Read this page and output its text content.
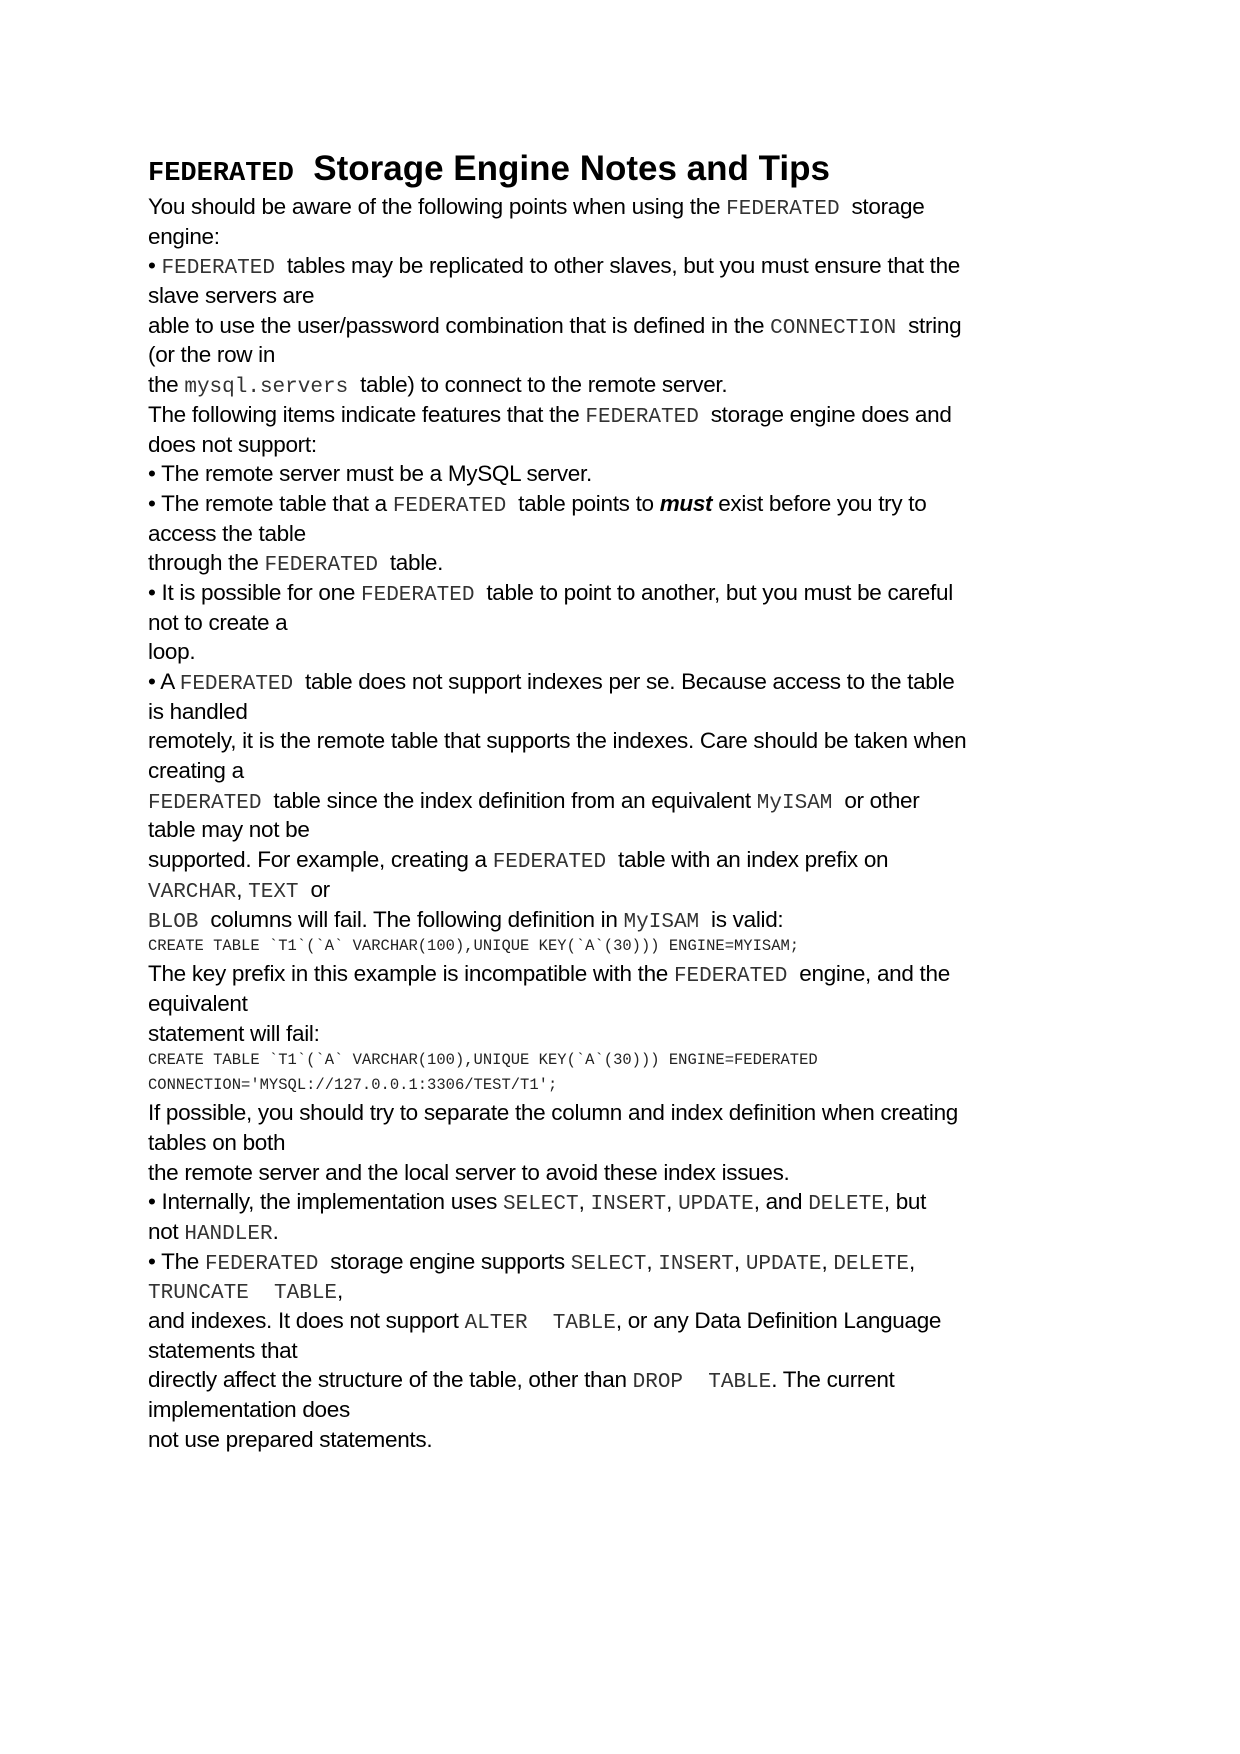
FEDERATED  Storage Engine Notes and Tips
You should be aware of the following points when using the FEDERATED  storage
engine:
• FEDERATED  tables may be replicated to other slaves, but you must ensure that the
slave servers are
able to use the user/password combination that is defined in the CONNECTION  string
(or the row in
the mysql.servers  table) to connect to the remote server.
The following items indicate features that the FEDERATED  storage engine does and
does not support:
• The remote server must be a MySQL server.
• The remote table that a FEDERATED  table points to must exist before you try to
access the table
through the FEDERATED  table.
• It is possible for one FEDERATED  table to point to another, but you must be careful
not to create a
loop.
• A FEDERATED  table does not support indexes per se. Because access to the table
is handled
remotely, it is the remote table that supports the indexes. Care should be taken when
creating a
FEDERATED  table since the index definition from an equivalent MyISAM  or other
table may not be
supported. For example, creating a FEDERATED  table with an index prefix on
VARCHAR, TEXT  or
BLOB  columns will fail. The following definition in MyISAM  is valid:
CREATE TABLE `T1`(`A` VARCHAR(100),UNIQUE KEY(`A`(30))) ENGINE=MYISAM;
The key prefix in this example is incompatible with the FEDERATED  engine, and the
equivalent
statement will fail:
CREATE TABLE `T1`(`A` VARCHAR(100),UNIQUE KEY(`A`(30))) ENGINE=FEDERATED
CONNECTION='MYSQL://127.0.0.1:3306/TEST/T1';
If possible, you should try to separate the column and index definition when creating
tables on both
the remote server and the local server to avoid these index issues.
• Internally, the implementation uses SELECT, INSERT, UPDATE, and DELETE, but
not HANDLER.
• The FEDERATED  storage engine supports SELECT, INSERT, UPDATE, DELETE,
TRUNCATE  TABLE,
and indexes. It does not support ALTER  TABLE, or any Data Definition Language
statements that
directly affect the structure of the table, other than DROP  TABLE. The current
implementation does
not use prepared statements.
